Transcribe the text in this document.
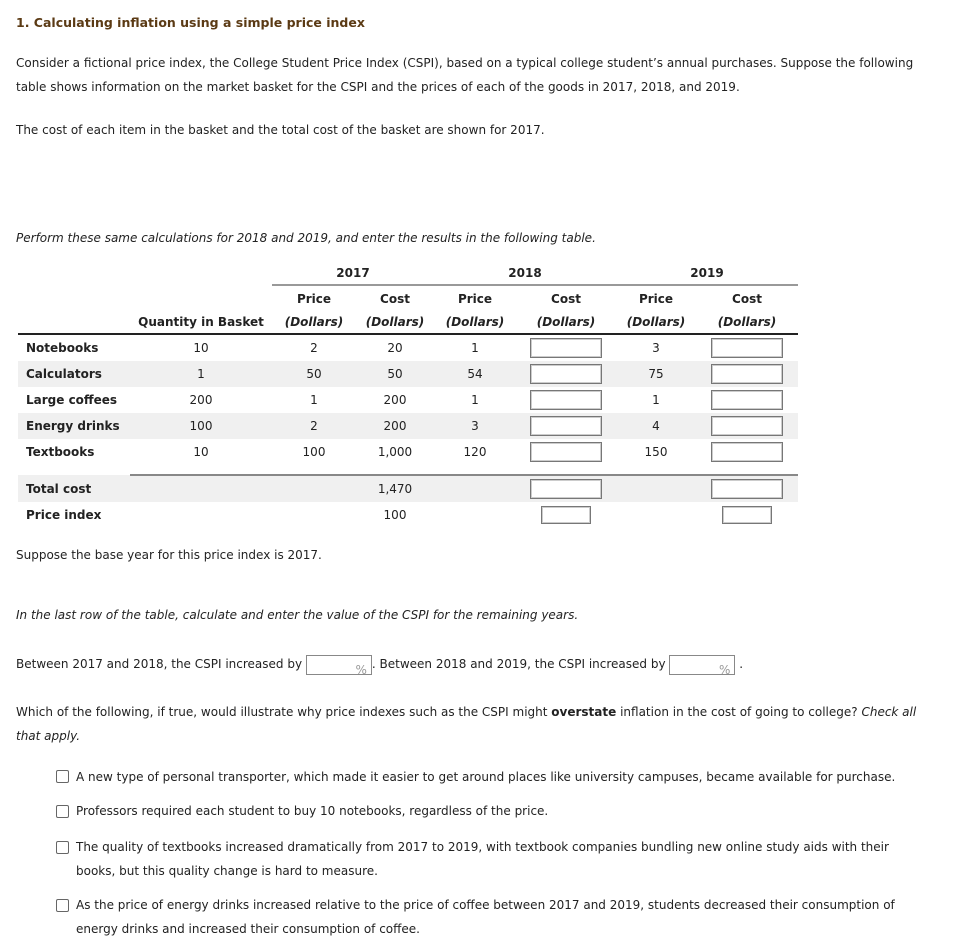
1. Calculating inflation using a simple price index

Consider a fictional price index, the College Student Price Index (CSPI), based on a typical college student’s annual purchases. Suppose the following table shows information on the market basket for the CSPI and the prices of each of the goods in 2017, 2018, and 2019.

The cost of each item in the basket and the total cost of the basket are shown for 2017.

Perform these same calculations for 2018 and 2019, and enter the results in the following table.

		2017		2018		2019	
		Price	Cost	Price	Cost	Price	Cost
	Quantity in Basket	(Dollars)	(Dollars)	(Dollars)	(Dollars)	(Dollars)	(Dollars)
Notebooks	10	2	20	1		3	
Calculators	1	50	50	54		75	
Large coffees	200	1	200	1		1	
Energy drinks	100	2	200	3		4	
Textbooks	10	100	1,000	120		150	

Total cost			1,470				
Price index			100				

Suppose the base year for this price index is 2017.

In the last row of the table, calculate and enter the value of the CSPI for the remaining years.

Between 2017 and 2018, the CSPI increased by	% . Between 2018 and 2019, the CSPI increased by	% .

Which of the following, if true, would illustrate why price indexes such as the CSPI might overstate inflation in the cost of going to college? Check all that apply.

A new type of personal transporter, which made it easier to get around places like university campuses, became available for purchase.

Professors required each student to buy 10 notebooks, regardless of the price.

The quality of textbooks increased dramatically from 2017 to 2019, with textbook companies bundling new online study aids with their books, but this quality change is hard to measure.

As the price of energy drinks increased relative to the price of coffee between 2017 and 2019, students decreased their consumption of energy drinks and increased their consumption of coffee.
